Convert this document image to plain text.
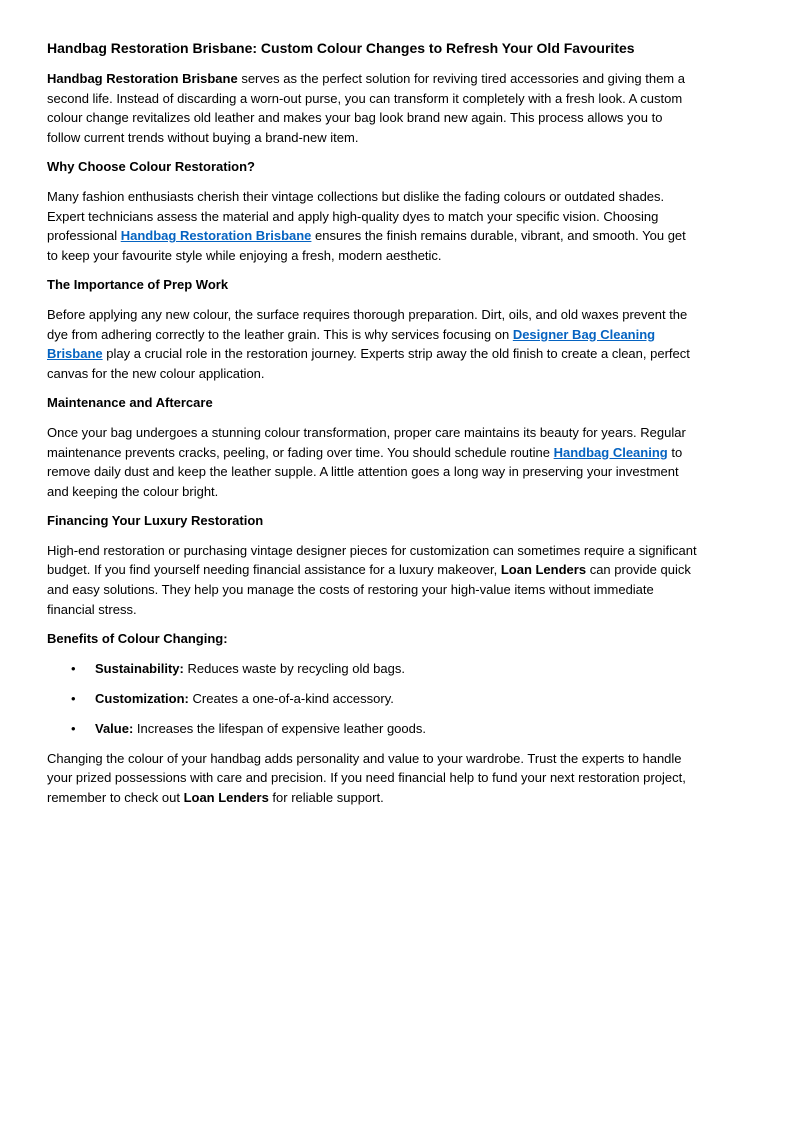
Handbag Restoration Brisbane: Custom Colour Changes to Refresh Your Old Favourites

Handbag Restoration Brisbane serves as the perfect solution for reviving tired accessories and giving them a second life. Instead of discarding a worn-out purse, you can transform it completely with a fresh look. A custom colour change revitalizes old leather and makes your bag look brand new again. This process allows you to follow current trends without buying a brand-new item.

Why Choose Colour Restoration?

Many fashion enthusiasts cherish their vintage collections but dislike the fading colours or outdated shades. Expert technicians assess the material and apply high-quality dyes to match your specific vision. Choosing professional Handbag Restoration Brisbane ensures the finish remains durable, vibrant, and smooth. You get to keep your favourite style while enjoying a fresh, modern aesthetic.

The Importance of Prep Work

Before applying any new colour, the surface requires thorough preparation. Dirt, oils, and old waxes prevent the dye from adhering correctly to the leather grain. This is why services focusing on Designer Bag Cleaning Brisbane play a crucial role in the restoration journey. Experts strip away the old finish to create a clean, perfect canvas for the new colour application.

Maintenance and Aftercare

Once your bag undergoes a stunning colour transformation, proper care maintains its beauty for years. Regular maintenance prevents cracks, peeling, or fading over time. You should schedule routine Handbag Cleaning to remove daily dust and keep the leather supple. A little attention goes a long way in preserving your investment and keeping the colour bright.

Financing Your Luxury Restoration

High-end restoration or purchasing vintage designer pieces for customization can sometimes require a significant budget. If you find yourself needing financial assistance for a luxury makeover, Loan Lenders can provide quick and easy solutions. They help you manage the costs of restoring your high-value items without immediate financial stress.

Benefits of Colour Changing:
• Sustainability: Reduces waste by recycling old bags.
• Customization: Creates a one-of-a-kind accessory.
• Value: Increases the lifespan of expensive leather goods.

Changing the colour of your handbag adds personality and value to your wardrobe. Trust the experts to handle your prized possessions with care and precision. If you need financial help to fund your next restoration project, remember to check out Loan Lenders for reliable support.
